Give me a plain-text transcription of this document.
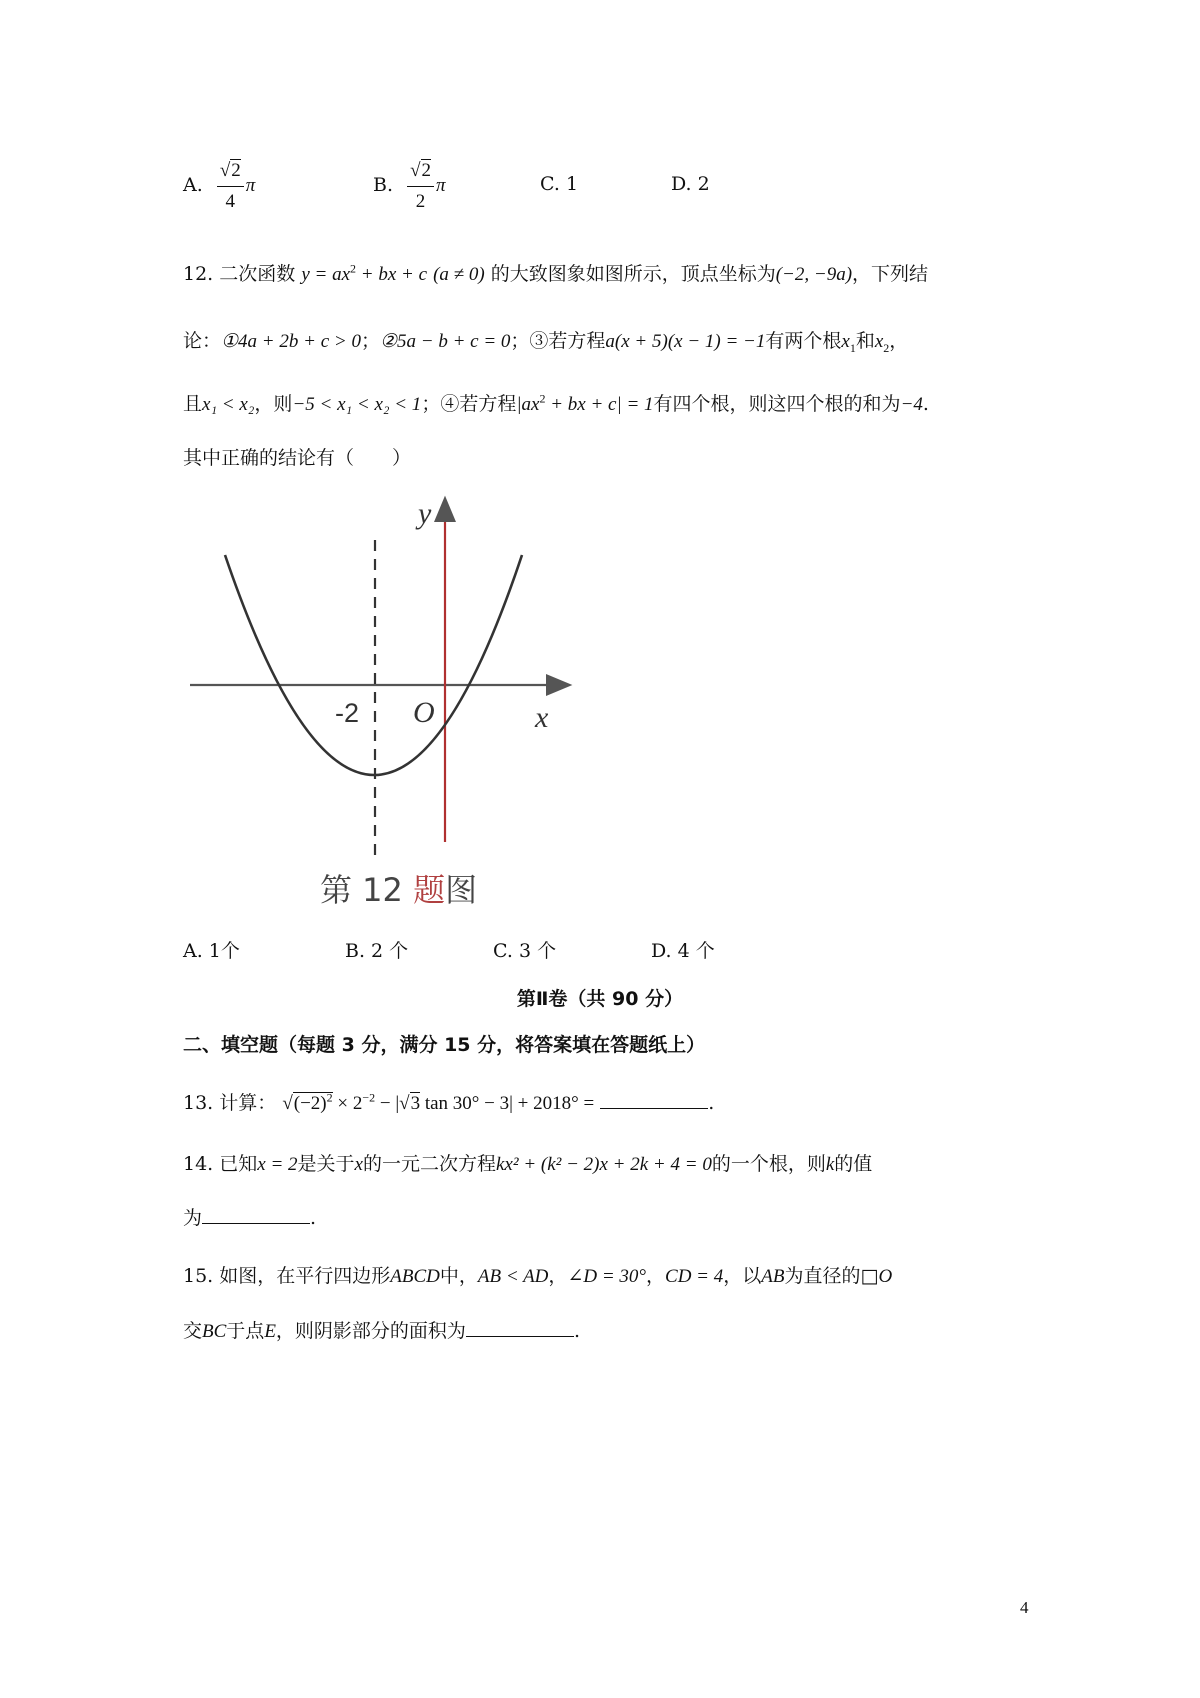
A. $\frac{√2}{4}$ π	B. $\frac{√2}{2}$ π	C. 1	D. 2
12. 二次函数 $y = ax^2$ + bx + c (a ≠ 0) 的大致图象如图所示，顶点坐标为(−2, −9a)，下列结
论：①4a + 2b + c > 0；②5a − b + c = 0；③若方程a(x + 5)(x − 1) = −1有两个根$x_1$和$x_2$，
且x₁ < x₂，则−5 < x₁ < x₂ < 1；④若方程$|ax^2$ + bx + c| = 1有四个根，则这四个根的和为−4.
其中正确的结论有（　　）
y
x
O
-2
第 12 题图
A. 1个	B. 2 个	C. 3 个	D. 4 个
第Ⅱ卷（共 90 分）
二、填空题（每题 3 分，满分 15 分，将答案填在答题纸上）
13. 计算： $√(-2)^2 \times 2^{-2} - |√3$ tan 30° − 3| + 2018° =	.
14. 已知x = 2是关于x的一元二次方程kx² + (k² − 2)x + 2k + 4 = 0的一个根，则k的值
为	.
15. 如图，在平行四边形ABCD中，AB < AD，∠D = 30°，CD = 4，以AB为直径的□O
交BC于点E，则阴影部分的面积为	.
4
